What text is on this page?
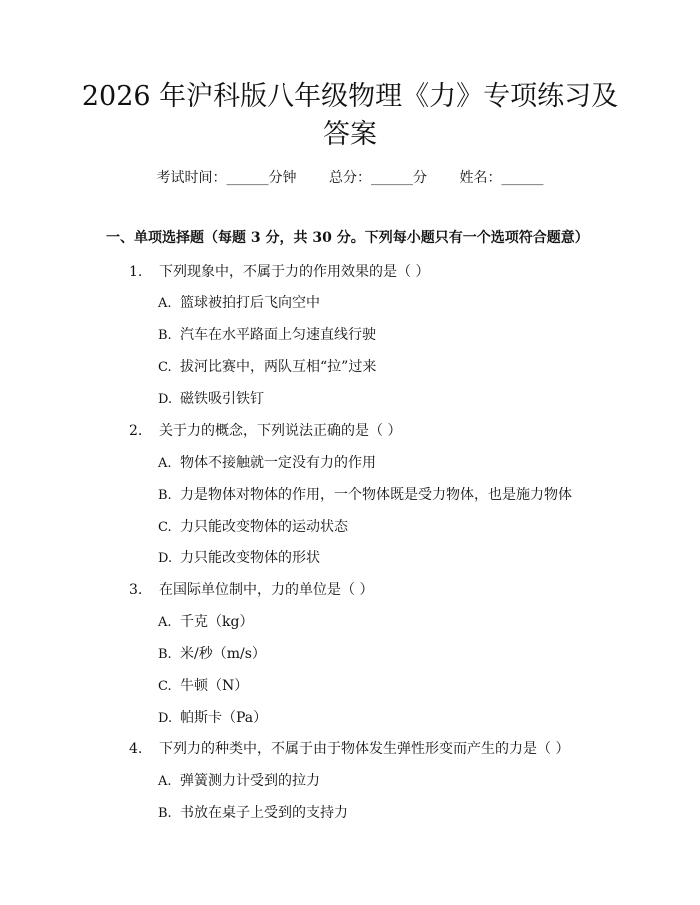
2026 年沪科版八年级物理《力》专项练习及
答案
考试时间：______分钟 总分：______分 姓名：______
一、单项选择题（每题 3 分，共 30 分。下列每小题只有一个选项符合题意）
1. 下列现象中，不属于力的作用效果的是（ ）
A. 篮球被拍打后飞向空中
B. 汽车在水平路面上匀速直线行驶
C. 拔河比赛中，两队互相“拉”过来
D. 磁铁吸引铁钉
2. 关于力的概念，下列说法正确的是（ ）
A. 物体不接触就一定没有力的作用
B. 力是物体对物体的作用，一个物体既是受力物体，也是施力物体
C. 力只能改变物体的运动状态
D. 力只能改变物体的形状
3. 在国际单位制中，力的单位是（ ）
A. 千克（kg）
B. 米/秒（m/s）
C. 牛顿（N）
D. 帕斯卡（Pa）
4. 下列力的种类中，不属于由于物体发生弹性形变而产生的力是（ ）
A. 弹簧测力计受到的拉力
B. 书放在桌子上受到的支持力
